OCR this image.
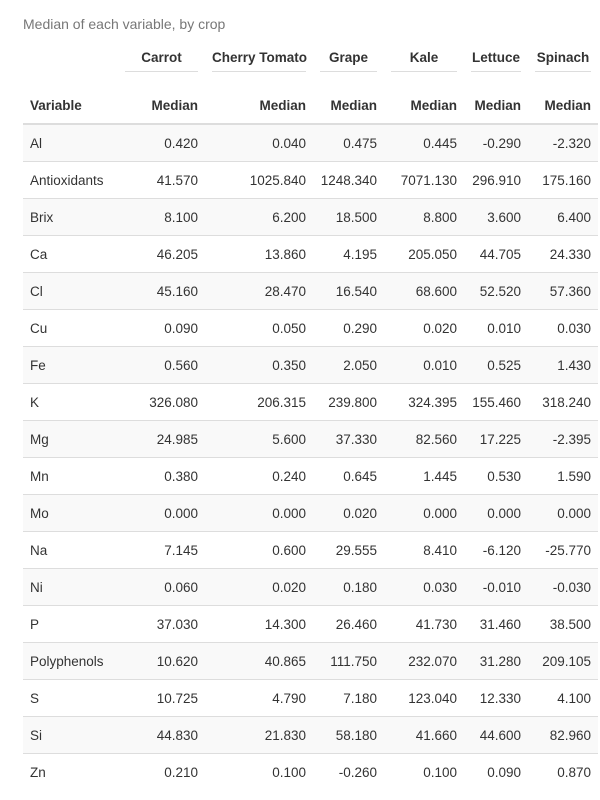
Median of each variable, by crop

	Carrot	Cherry Tomato	Grape	Kale	Lettuce	Spinach

Variable	Median	Median	Median	Median	Median	Median
Al	0.420	0.040	0.475	0.445	-0.290	-2.320
Antioxidants	41.570	1025.840	1248.340	7071.130	296.910	175.160
Brix	8.100	6.200	18.500	8.800	3.600	6.400
Ca	46.205	13.860	4.195	205.050	44.705	24.330
Cl	45.160	28.470	16.540	68.600	52.520	57.360
Cu	0.090	0.050	0.290	0.020	0.010	0.030
Fe	0.560	0.350	2.050	0.010	0.525	1.430
K	326.080	206.315	239.800	324.395	155.460	318.240
Mg	24.985	5.600	37.330	82.560	17.225	-2.395
Mn	0.380	0.240	0.645	1.445	0.530	1.590
Mo	0.000	0.000	0.020	0.000	0.000	0.000
Na	7.145	0.600	29.555	8.410	-6.120	-25.770
Ni	0.060	0.020	0.180	0.030	-0.010	-0.030
P	37.030	14.300	26.460	41.730	31.460	38.500
Polyphenols	10.620	40.865	111.750	232.070	31.280	209.105
S	10.725	4.790	7.180	123.040	12.330	4.100
Si	44.830	21.830	58.180	41.660	44.600	82.960
Zn	0.210	0.100	-0.260	0.100	0.090	0.870
